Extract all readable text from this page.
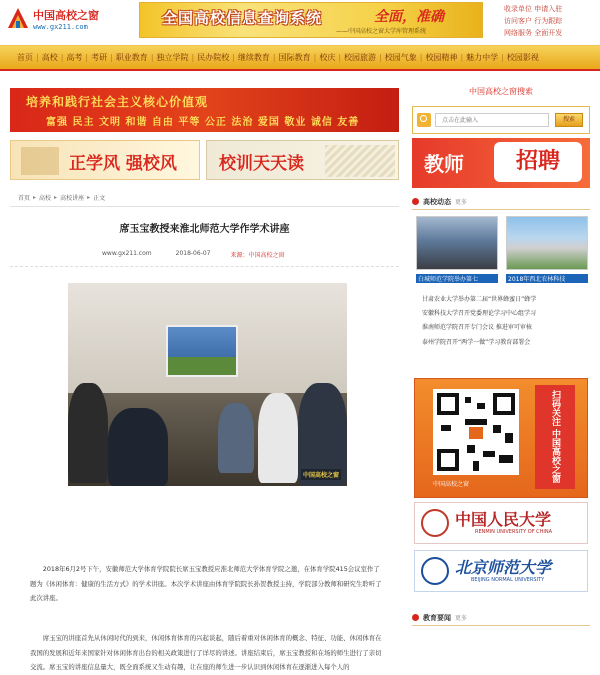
中国高校之窗
www.gx211.com	全国高校信息查询系统	全面，准确
——中国高校之窗大学库管理系统
收录单位 申请入驻
访问客户 行为跟踪
网络服务 全面开发
首页 | 高校 | 高考 | 考研 | 职业教育 | 独立学院 | 民办院校 | 继续教育 | 国际教育 | 校庆 | 校园旅游 | 校园气象 | 校园精神 | 魅力中学 | 校园影视
培养和践行社会主义核心价值观
富强 民主 文明 和谐 自由 平等 公正 法治 爱国 敬业 诚信 友善
正学风 强校风 校训天天读
首页 ▸ 高校 ▸ 高校讲座 ▸ 正文
席玉宝教授来淮北师范大学作学术讲座
www.gx211.com	2018-06-07	来源：中国高校之窗
中国高校之窗

2018年6月2号下午，安徽师范大学体育学院院长席玉宝教授应淮北师范大学体育学院之邀，在体育学院415会议室作了题为《休闲体育：健康的生活方式》的学术讲座。本次学术讲座由体育学院院长孙贺教授主持，学院部分教师和研究生聆听了此次讲座。

席玉宝的讲座首先从休闲时代的到来，休闲体育体育的兴起谈起，随后着重对休闲体育的概念、特征、功能、休闲体育在我国的发展和近年来国家针对休闲体育出台的相关政策进行了详尽的讲述。讲座结束后，席玉宝教授和在场的师生进行了亲切交流。席玉宝的讲座信息量大，既全面系统又生动有趣，让在座的师生进一步认识到休闲体育在逐渐进入每个人的

中国高校之窗搜索
点击在此输入
搜索
教师	招聘
高校动态 更多
白城师范学院举办第七	2018年西北农林科技
甘肃农业大学举办第二届“世界蜂蜜日”蜂学
安徽科技大学召开党委理论学习中心组学习
淮南师范学院召开专门会议 推进审可审核
泰州学院召开“两学一做”学习教育部署会
扫码关注 中国高校之窗
中国高校之窗
中国人民大学
RENMIN UNIVERSITY OF CHINA
北京师范大学
BEIJING NORMAL UNIVERSITY
教育要闻 更多
